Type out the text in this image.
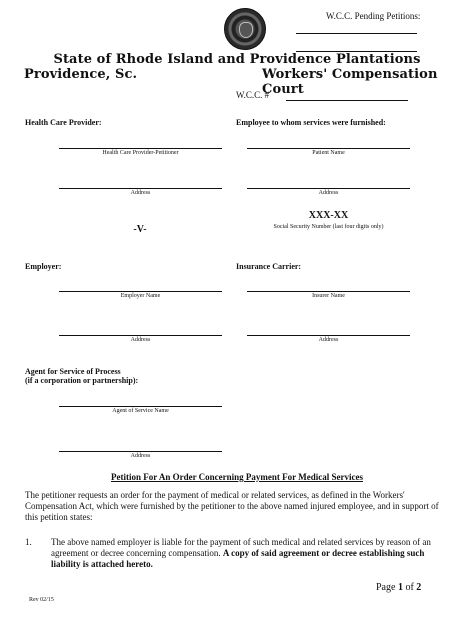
W.C.C. Pending Petitions:
State of Rhode Island and Providence Plantations
Providence, Sc.	Workers' Compensation Court
W.C.C. #
Health Care Provider:
Health Care Provider-Petitioner
Address
-V-
Employer:
Employer Name
Address
Agent for Service of Process
(if a corporation or partnership):
Agent of Service Name
Address
Employee to whom services were furnished:
Patient Name
Address
XXX-XX
Social Security Number (last four digits only)
Insurance Carrier:
Insurer Name
Address
Petition For An Order Concerning Payment For Medical Services
The petitioner requests an order for the payment of medical or related services, as defined in the Workers' Compensation Act, which were furnished by the petitioner to the above named injured employee, and in support of this petition states:
1. The above named employer is liable for the payment of such medical and related services by reason of an agreement or decree concerning compensation. A copy of said agreement or decree establishing such liability is attached hereto.
Page 1 of 2
Rev 02/15
